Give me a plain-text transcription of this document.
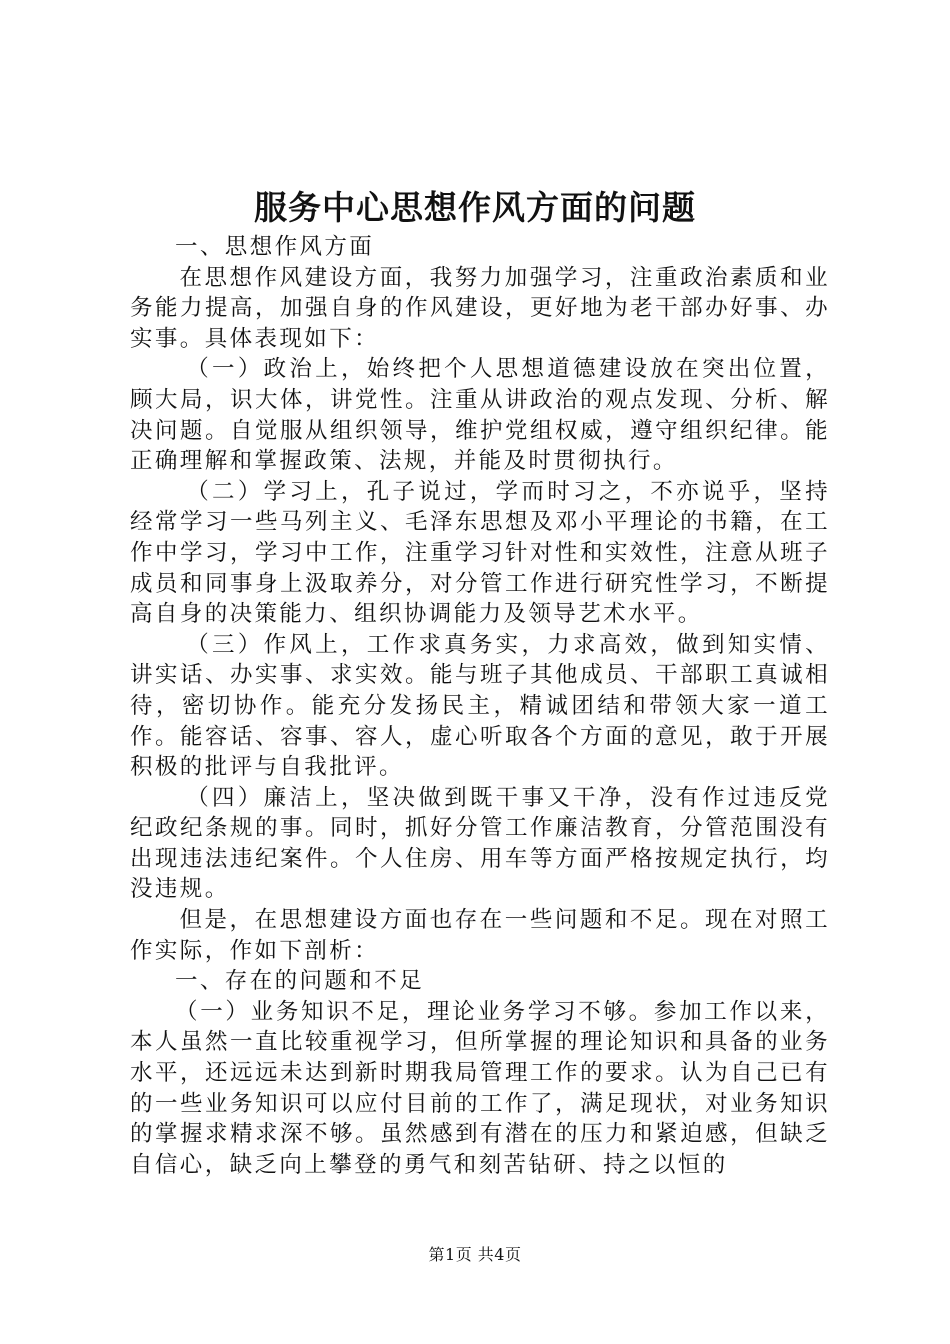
服务中心思想作风方面的问题

一、思想作风方面

在思想作风建设方面，我努力加强学习，注重政治素质和业务能力提高，加强自身的作风建设，更好地为老干部办好事、办实事。具体表现如下：

（一）政治上，始终把个人思想道德建设放在突出位置，顾大局，识大体，讲党性。注重从讲政治的观点发现、分析、解决问题。自觉服从组织领导，维护党组权威，遵守组织纪律。能正确理解和掌握政策、法规，并能及时贯彻执行。

（二）学习上，孔子说过，学而时习之，不亦说乎，坚持经常学习一些马列主义、毛泽东思想及邓小平理论的书籍，在工作中学习，学习中工作，注重学习针对性和实效性，注意从班子成员和同事身上汲取养分，对分管工作进行研究性学习，不断提高自身的决策能力、组织协调能力及领导艺术水平。

（三）作风上，工作求真务实，力求高效，做到知实情、讲实话、办实事、求实效。能与班子其他成员、干部职工真诚相待，密切协作。能充分发扬民主，精诚团结和带领大家一道工作。能容话、容事、容人，虚心听取各个方面的意见，敢于开展积极的批评与自我批评。

（四）廉洁上，坚决做到既干事又干净，没有作过违反党纪政纪条规的事。同时，抓好分管工作廉洁教育，分管范围没有出现违法违纪案件。个人住房、用车等方面严格按规定执行，均没违规。

但是，在思想建设方面也存在一些问题和不足。现在对照工作实际，作如下剖析：

一、存在的问题和不足

（一）业务知识不足，理论业务学习不够。参加工作以来，本人虽然一直比较重视学习，但所掌握的理论知识和具备的业务水平，还远远未达到新时期我局管理工作的要求。认为自己已有的一些业务知识可以应付目前的工作了，满足现状，对业务知识的掌握求精求深不够。虽然感到有潜在的压力和紧迫感，但缺乏自信心，缺乏向上攀登的勇气和刻苦钻研、持之以恒的

第1页 共4页
